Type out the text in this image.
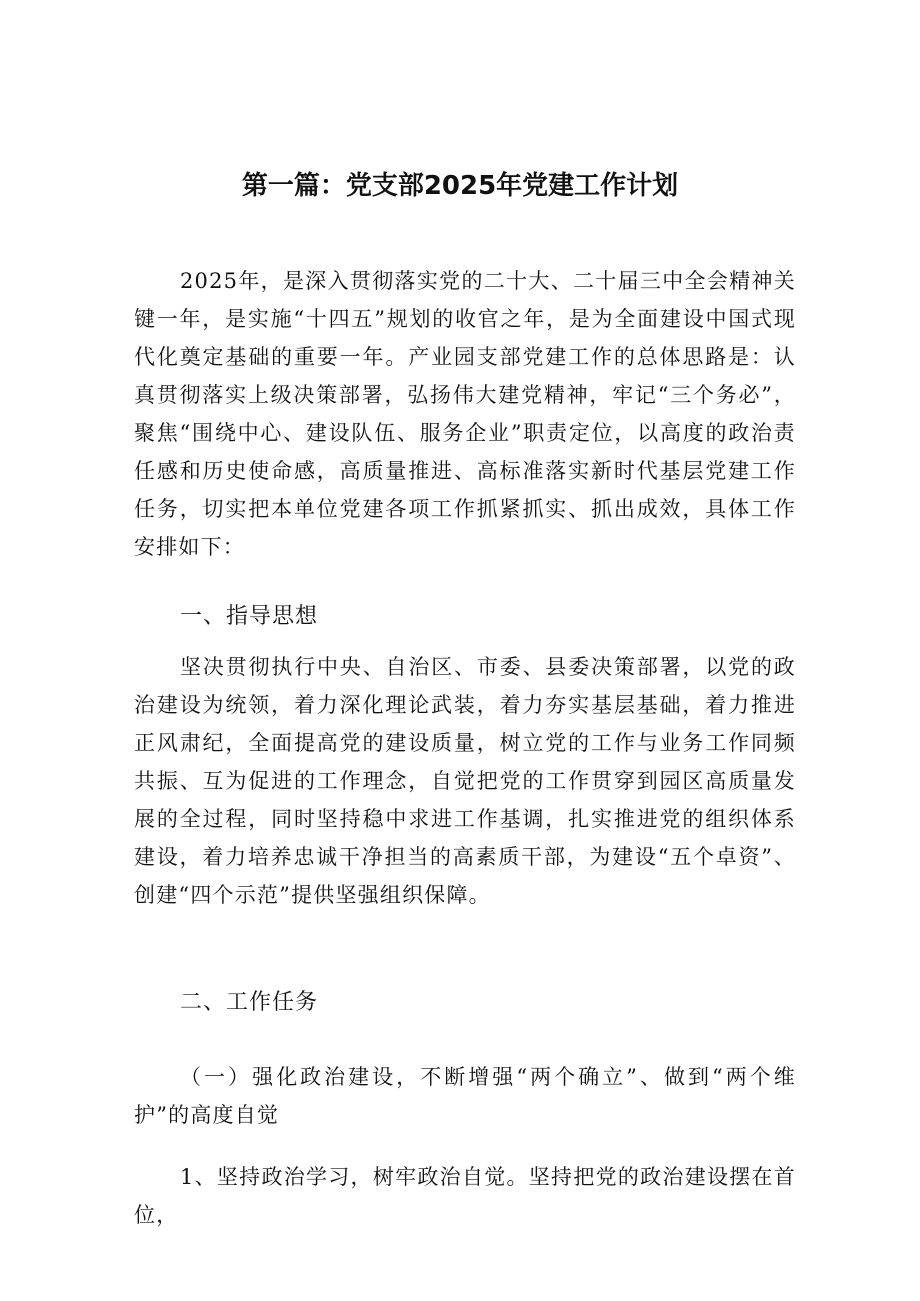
第一篇：党支部2025年党建工作计划

2025年，是深入贯彻落实党的二十大、二十届三中全会精神关键一年，是实施“十四五”规划的收官之年，是为全面建设中国式现代化奠定基础的重要一年。产业园支部党建工作的总体思路是：认真贯彻落实上级决策部署，弘扬伟大建党精神，牢记“三个务必”，聚焦“围绕中心、建设队伍、服务企业”职责定位，以高度的政治责任感和历史使命感，高质量推进、高标准落实新时代基层党建工作任务，切实把本单位党建各项工作抓紧抓实、抓出成效，具体工作安排如下：

一、指导思想

坚决贯彻执行中央、自治区、市委、县委决策部署，以党的政治建设为统领，着力深化理论武装，着力夯实基层基础，着力推进正风肃纪，全面提高党的建设质量，树立党的工作与业务工作同频共振、互为促进的工作理念，自觉把党的工作贯穿到园区高质量发展的全过程，同时坚持稳中求进工作基调，扎实推进党的组织体系建设，着力培养忠诚干净担当的高素质干部，为建设“五个卓资”、创建“四个示范”提供坚强组织保障。

二、工作任务

（一）强化政治建设，不断增强“两个确立”、做到“两个维护”的高度自觉

1、坚持政治学习，树牢政治自觉。坚持把党的政治建设摆在首位，
